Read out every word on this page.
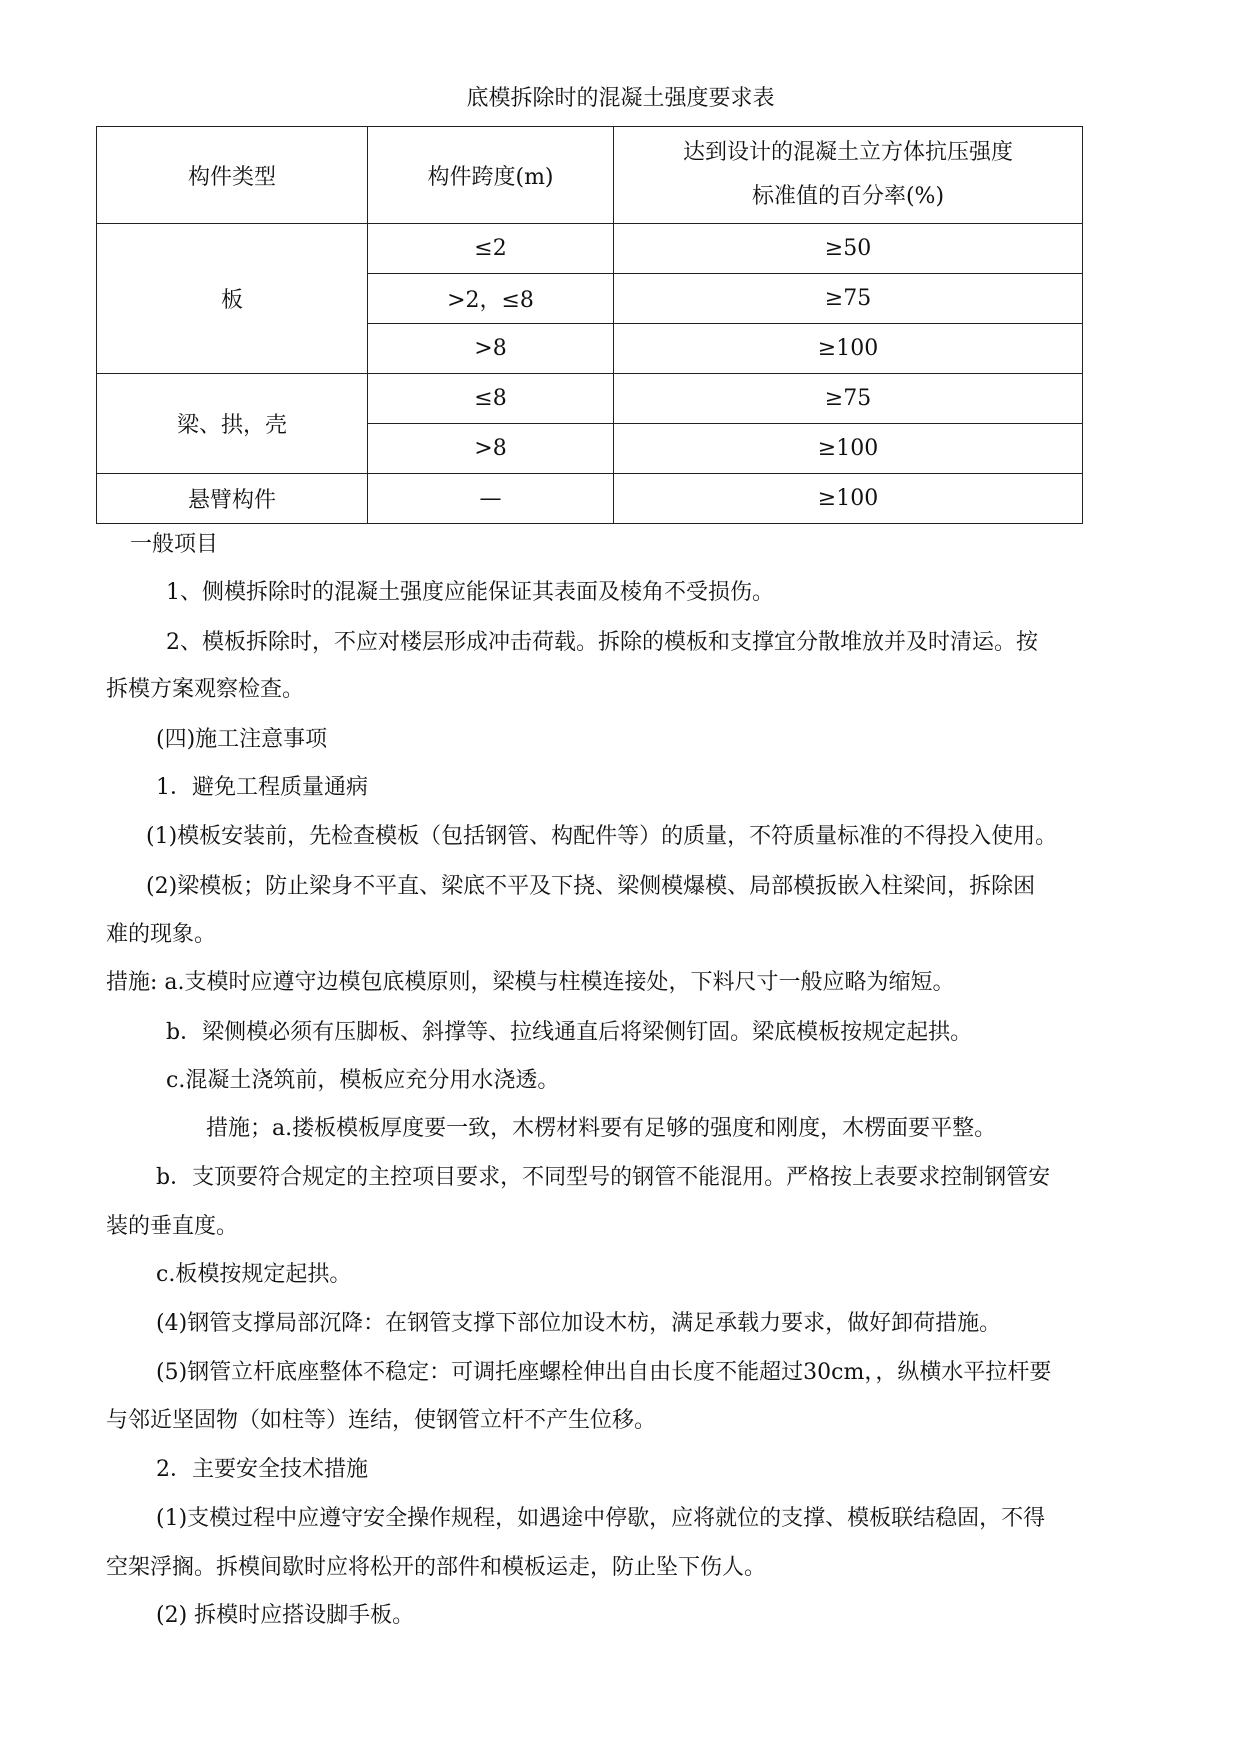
底模拆除时的混凝土强度要求表
构件类型	构件跨度(m)	达到设计的混凝土立方体抗压强度
标准值的百分率(%)

板	≤2	≥50
	>2，≤8	≥75
	>8	≥100
梁、拱，壳	≤8	≥75
	>8	≥100
悬臂构件	—	≥100

一般项目

1、侧模拆除时的混凝土强度应能保证其表面及棱角不受损伤。

2、模板拆除时，不应对楼层形成冲击荷载。拆除的模板和支撑宜分散堆放并及时清运。按

拆模方案观察检查。

(四)施工注意事项

1．避免工程质量通病

(1)模板安装前，先检查模板（包括钢管、构配件等）的质量，不符质量标准的不得投入使用。

(2)梁模板；防止梁身不平直、梁底不平及下挠、梁侧模爆模、局部模扳嵌入柱梁间，拆除困

难的现象。

措施: a.支模时应遵守边模包底模原则，梁模与柱模连接处，下料尺寸一般应略为缩短。

b．梁侧模必须有压脚板、斜撑等、拉线通直后将梁侧钉固。梁底模板按规定起拱。

c.混凝土浇筑前，模板应充分用水浇透。

措施；a.搂板模板厚度要一致，木楞材料要有足够的强度和刚度，木楞面要平整。

b．支顶要符合规定的主控项目要求，不同型号的钢管不能混用。严格按上表要求控制钢管安

装的垂直度。

c.板模按规定起拱。

(4)钢管支撑局部沉降：在钢管支撑下部位加设木枋，满足承载力要求，做好卸荷措施。

(5)钢管立杆底座整体不稳定：可调托座螺栓伸出自由长度不能超过30cm，，纵横水平拉杆要

与邻近坚固物（如柱等）连结，使钢管立杆不产生位移。

2．主要安全技术措施

(1)支模过程中应遵守安全操作规程，如遇途中停歇，应将就位的支撑、模板联结稳固，不得

空架浮搁。拆模间歇时应将松开的部件和模板运走，防止坠下伤人。

(2) 拆模时应搭设脚手板。
